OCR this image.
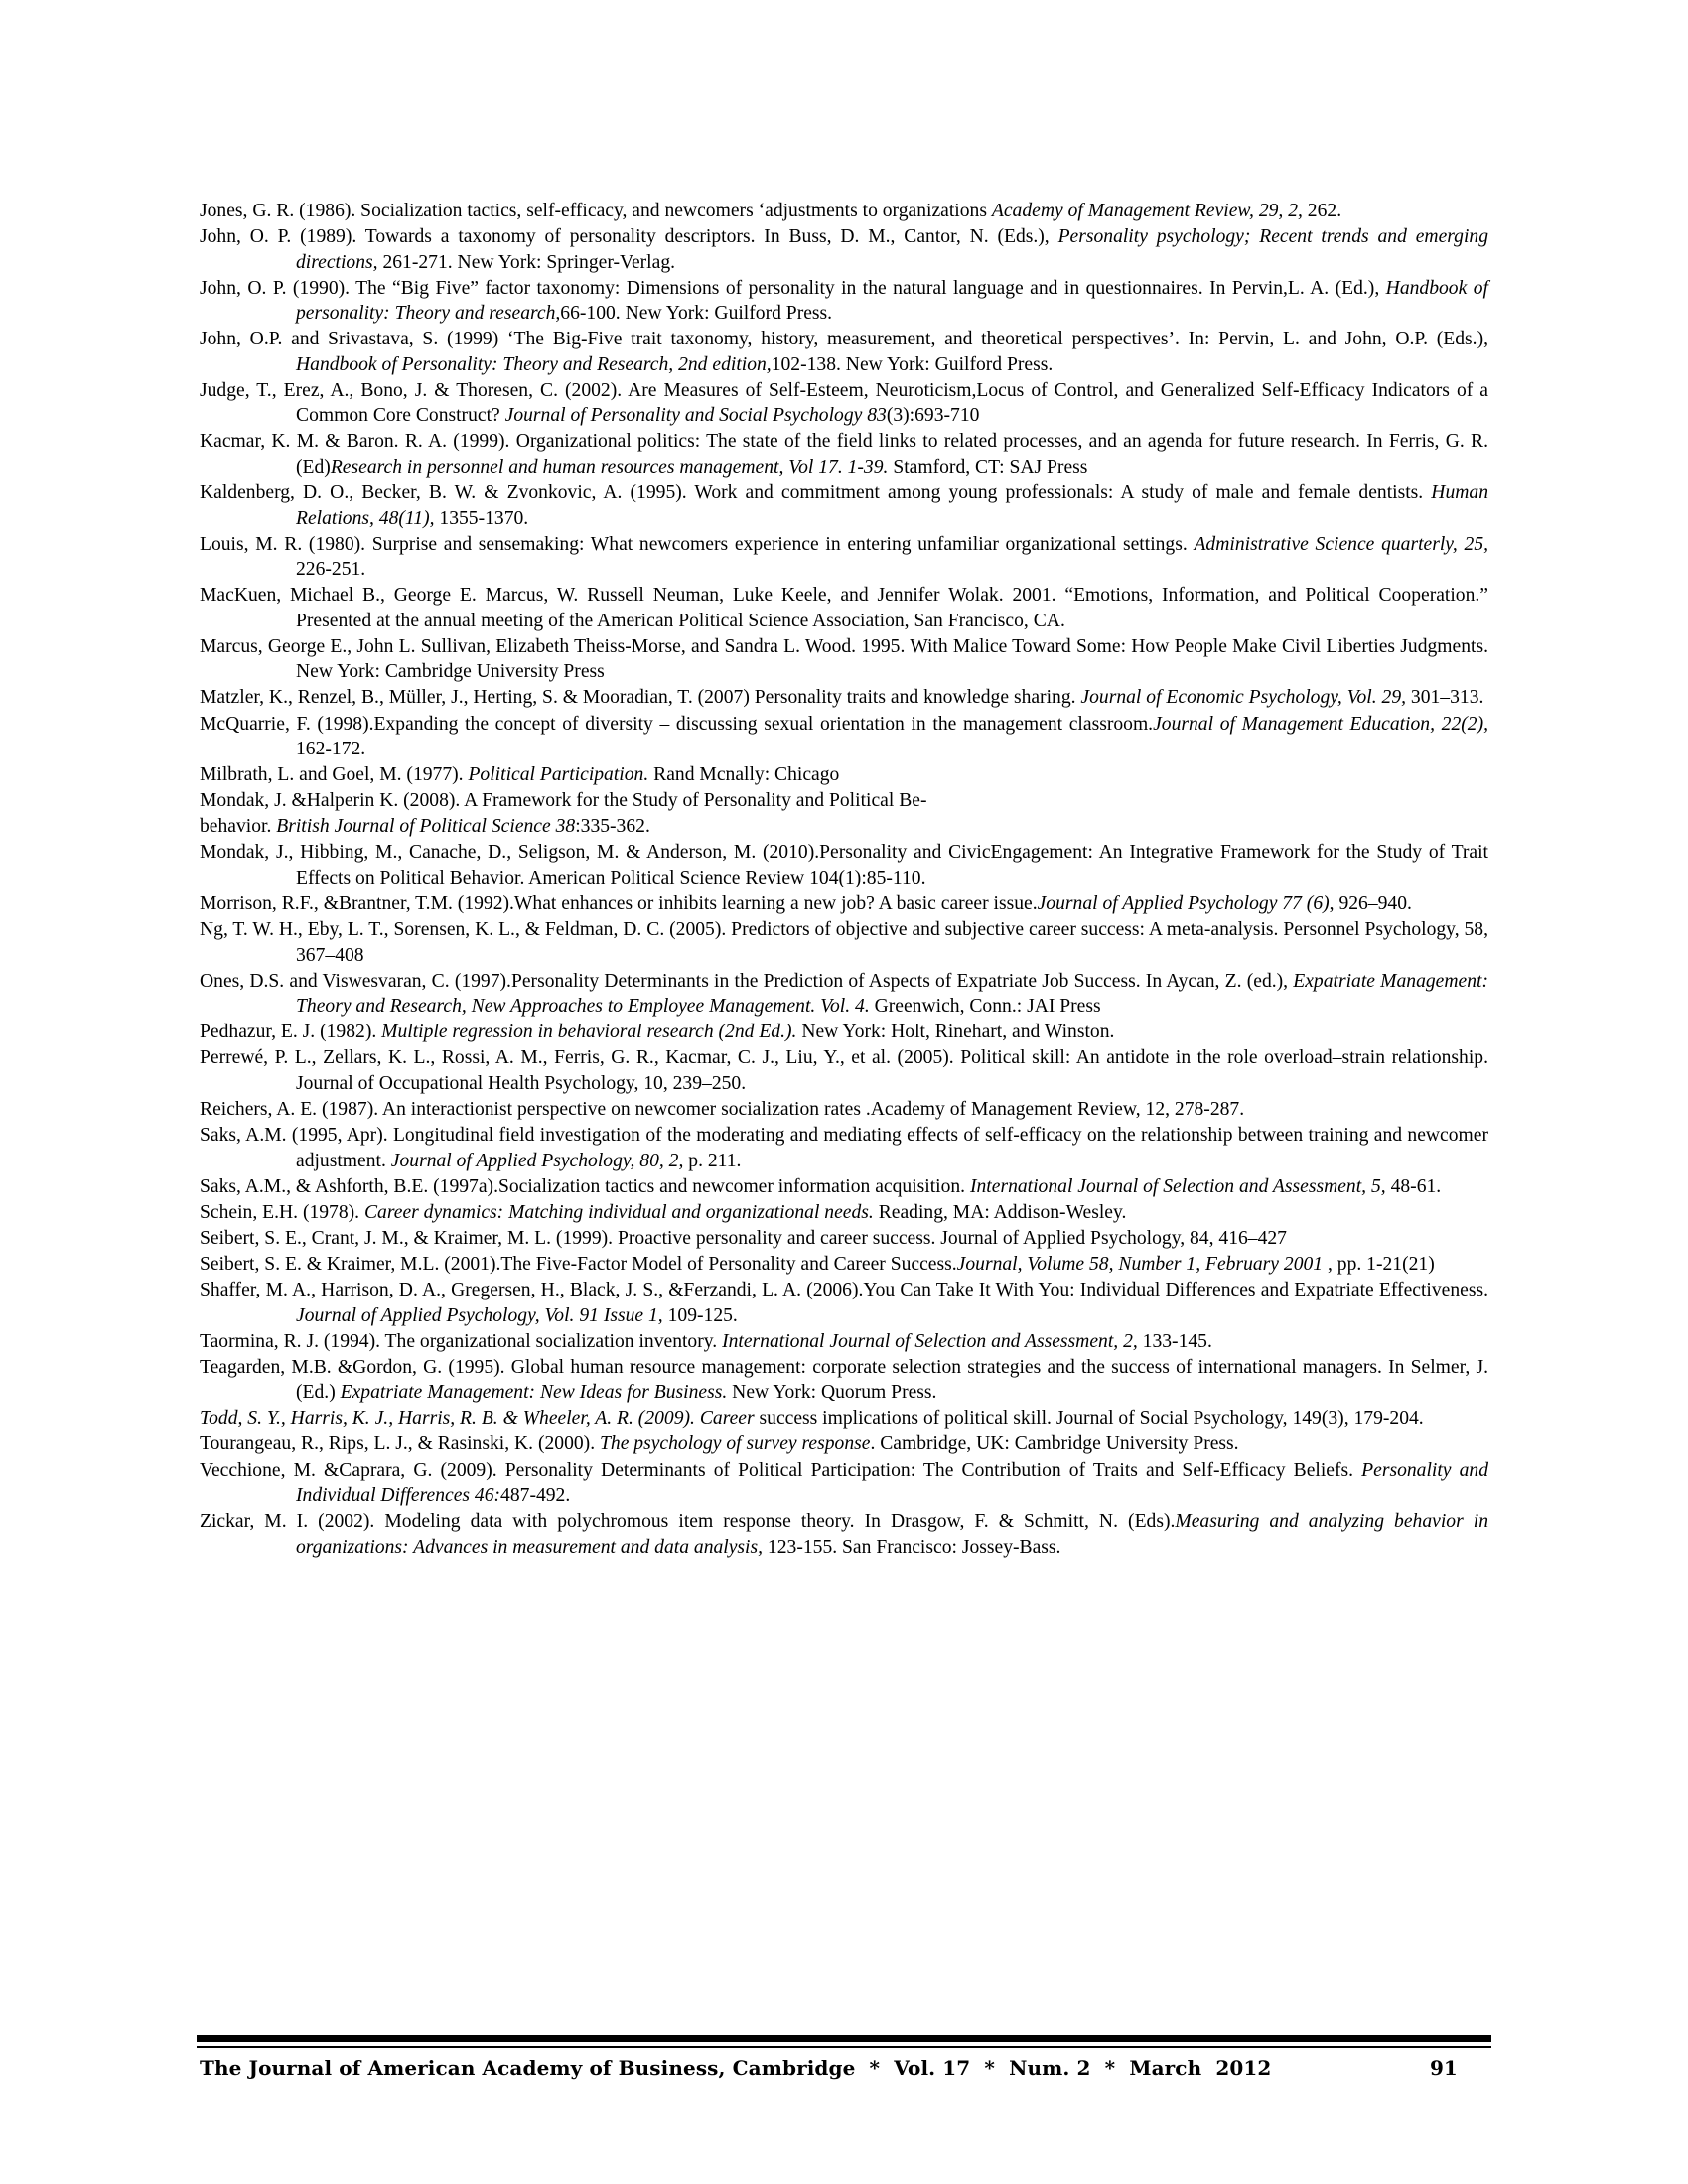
Jones, G. R. (1986). Socialization tactics, self-efficacy, and newcomers ‘adjustments to organizations Academy of Management Review, 29, 2, 262.

John, O. P. (1989). Towards a taxonomy of personality descriptors. In Buss, D. M., Cantor, N. (Eds.), Personality psychology; Recent trends and emerging directions, 261-271. New York: Springer-Verlag.

John, O. P. (1990). The “Big Five” factor taxonomy: Dimensions of personality in the natural language and in questionnaires. In Pervin,L. A. (Ed.), Handbook of personality: Theory and research,66-100. New York: Guilford Press.

John, O.P. and Srivastava, S. (1999) ‘The Big-Five trait taxonomy, history, measurement, and theoretical perspectives’. In: Pervin, L. and John, O.P. (Eds.), Handbook of Personality: Theory and Research, 2nd edition,102-138. New York: Guilford Press.

Judge, T., Erez, A., Bono, J. & Thoresen, C. (2002). Are Measures of Self-Esteem, Neuroticism,Locus of Control, and Generalized Self-Efficacy Indicators of a Common Core Construct? Journal of Personality and Social Psychology 83(3):693-710

Kacmar, K. M. & Baron. R. A. (1999). Organizational politics: The state of the field links to related processes, and an agenda for future research. In Ferris, G. R. (Ed)Research in personnel and human resources management, Vol 17. 1-39. Stamford, CT: SAJ Press

Kaldenberg, D. O., Becker, B. W. & Zvonkovic, A. (1995). Work and commitment among young professionals: A study of male and female dentists. Human Relations, 48(11), 1355-1370.

Louis, M. R. (1980). Surprise and sensemaking: What newcomers experience in entering unfamiliar organizational settings. Administrative Science quarterly, 25, 226-251.

MacKuen, Michael B., George E. Marcus, W. Russell Neuman, Luke Keele, and Jennifer Wolak. 2001. “Emotions, Information, and Political Cooperation.” Presented at the annual meeting of the American Political Science Association, San Francisco, CA.

Marcus, George E., John L. Sullivan, Elizabeth Theiss-Morse, and Sandra L. Wood. 1995. With Malice Toward Some: How People Make Civil Liberties Judgments. New York: Cambridge University Press

Matzler, K., Renzel, B., Müller, J., Herting, S. & Mooradian, T. (2007) Personality traits and knowledge sharing. Journal of Economic Psychology, Vol. 29, 301–313.

McQuarrie, F. (1998).Expanding the concept of diversity – discussing sexual orientation in the management classroom.Journal of Management Education, 22(2), 162-172.

Milbrath, L. and Goel, M. (1977). Political Participation. Rand Mcnally: Chicago

Mondak, J. &Halperin K. (2008). A Framework for the Study of Personality and Political Be-

behavior. British Journal of Political Science 38:335-362.

Mondak, J., Hibbing, M., Canache, D., Seligson, M. & Anderson, M. (2010).Personality and CivicEngagement: An Integrative Framework for the Study of Trait Effects on Political Behavior. American Political Science Review 104(1):85-110.

Morrison, R.F., &Brantner, T.M. (1992).What enhances or inhibits learning a new job? A basic career issue.Journal of Applied Psychology 77 (6), 926–940.

Ng, T. W. H., Eby, L. T., Sorensen, K. L., & Feldman, D. C. (2005). Predictors of objective and subjective career success: A meta-analysis. Personnel Psychology, 58, 367–408

Ones, D.S. and Viswesvaran, C. (1997).Personality Determinants in the Prediction of Aspects of Expatriate Job Success. In Aycan, Z. (ed.), Expatriate Management: Theory and Research, New Approaches to Employee Management. Vol. 4. Greenwich, Conn.: JAI Press

Pedhazur, E. J. (1982). Multiple regression in behavioral research (2nd Ed.). New York: Holt, Rinehart, and Winston.

Perrewé, P. L., Zellars, K. L., Rossi, A. M., Ferris, G. R., Kacmar, C. J., Liu, Y., et al. (2005). Political skill: An antidote in the role overload–strain relationship. Journal of Occupational Health Psychology, 10, 239–250.

Reichers, A. E. (1987). An interactionist perspective on newcomer socialization rates .Academy of Management Review, 12, 278-287.

Saks, A.M. (1995, Apr). Longitudinal field investigation of the moderating and mediating effects of self-efficacy on the relationship between training and newcomer adjustment. Journal of Applied Psychology, 80, 2, p. 211.

Saks, A.M., & Ashforth, B.E. (1997a).Socialization tactics and newcomer information acquisition. International Journal of Selection and Assessment, 5, 48-61.

Schein, E.H. (1978). Career dynamics: Matching individual and organizational needs. Reading, MA: Addison-Wesley.

Seibert, S. E., Crant, J. M., & Kraimer, M. L. (1999). Proactive personality and career success. Journal of Applied Psychology, 84, 416–427

Seibert, S. E. & Kraimer, M.L. (2001).The Five-Factor Model of Personality and Career Success.Journal, Volume 58, Number 1, February 2001 , pp. 1-21(21)

Shaffer, M. A., Harrison, D. A., Gregersen, H., Black, J. S., &Ferzandi, L. A. (2006).You Can Take It With You: Individual Differences and Expatriate Effectiveness. Journal of Applied Psychology, Vol. 91 Issue 1, 109-125.

Taormina, R. J. (1994). The organizational socialization inventory. International Journal of Selection and Assessment, 2, 133-145.

Teagarden, M.B. &Gordon, G. (1995). Global human resource management: corporate selection strategies and the success of international managers. In Selmer, J. (Ed.) Expatriate Management: New Ideas for Business. New York: Quorum Press.

Todd, S. Y., Harris, K. J., Harris, R. B. & Wheeler, A. R. (2009). Career success implications of political skill. Journal of Social Psychology, 149(3), 179-204.

Tourangeau, R., Rips, L. J., & Rasinski, K. (2000). The psychology of survey response. Cambridge, UK: Cambridge University Press.

Vecchione, M. &Caprara, G. (2009). Personality Determinants of Political Participation: The Contribution of Traits and Self-Efficacy Beliefs. Personality and Individual Differences 46:487-492.

Zickar, M. I. (2002). Modeling data with polychromous item response theory. In Drasgow, F. & Schmitt, N. (Eds).Measuring and analyzing behavior in organizations: Advances in measurement and data analysis, 123-155. San Francisco: Jossey-Bass.

The Journal of American Academy of Business, Cambridge  *  Vol. 17  *  Num. 2  *  March  2012	91
